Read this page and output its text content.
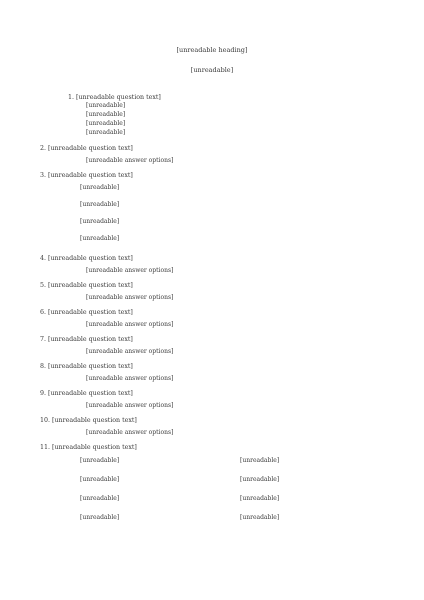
[unreadable heading]
[unreadable]
1. [unreadable question text]
[unreadable]
[unreadable]
[unreadable]
[unreadable]
2. [unreadable question text]
[unreadable answer options]
3. [unreadable question text]
[unreadable]
[unreadable]
[unreadable]
[unreadable]
4. [unreadable question text]
[unreadable answer options]
5. [unreadable question text]
[unreadable answer options]
6. [unreadable question text]
[unreadable answer options]
7. [unreadable question text]
[unreadable answer options]
8. [unreadable question text]
[unreadable answer options]
9. [unreadable question text]
[unreadable answer options]
10. [unreadable question text]
[unreadable answer options]
11. [unreadable question text]
[unreadable]	[unreadable]
[unreadable]	[unreadable]
[unreadable]	[unreadable]
[unreadable]	[unreadable]
